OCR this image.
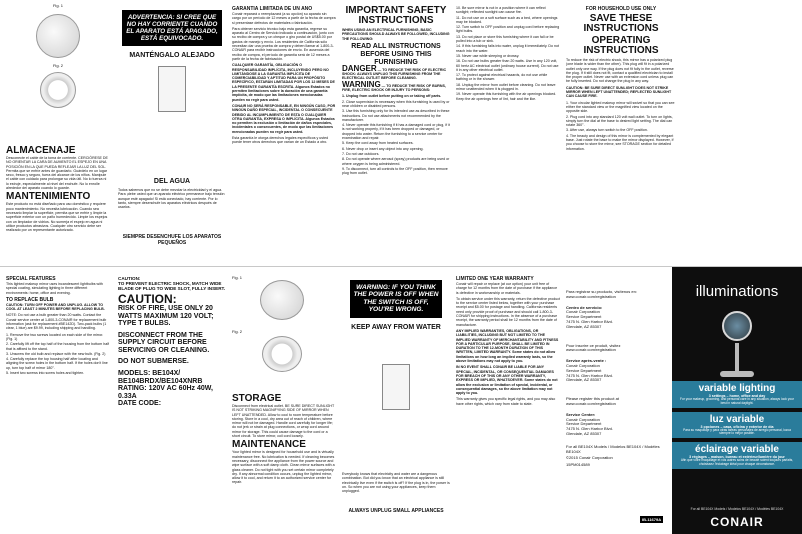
Fig. 1
Fig. 2
ALMACENAJE

Desconecte el cable de la toma de corriente. CERCIÓRESE DE NO ORIENTAR LA CARA DE AUMENTO EL ESPEJO EN UNA POSICIÓN EN LA QUE PUEDA REFLEJAR LA LUZ DEL SOL. Permita que se enfríe antes de guardarlo. Guárdelo en un lugar seco, fresco y seguro, fuera del alcance de los niños. Manipule el cable con cuidado para prolongar su vida útil. No lo tuerza ni lo estruje, especialmente al nivel del enchufe. No lo enrolle alrededor del aparato cuando lo guarde.

MANTENIMIENTO

Este producto no está diseñado para uso doméstico y requiere poco mantenimiento. No necesita lubricación. Cuando sea necesario limpiar la superficie, permita que se enfríe y limpie la superficie exterior con un paño humedecido. Limpie los espejos con un limpiador de vidrios. No sumerja el espejo en agua ni utilice productos abrasivos. Cualquier otro servicio debe ser realizado por un representante autorizado.

ADVERTENCIA: SI CREE QUE NO HAY CORRIENTE CUANDO EL APARATO ESTÁ APAGADO, ESTÁ EQUIVOCADO.
MANTÉNGALO ALEJADO
DEL AGUA

Todos sabemos que no se debe mezclar la electricidad y el agua. Para ¡debe usted que un aparato eléctrico permanece bajo tensión aunque esté apagado! Si está conectado, hay corriente. Por lo tanto, siempre desenchufe los aparatos eléctricos después de usarlos.

SIEMPRE DESENCHUFE LOS APARATOS PEQUEÑOS
GARANTÍA LIMITADA DE UN AÑO

Conair reparará o reemplazará (a su opción) su aparato sin cargo por un período de 12 meses a partir de la fecha de compra si presentase defectos de materiales o fabricación.

Para obtener servicio técnico bajo esta garantía, regrese su aparato al Centro de Servicio indicado a continuación, junto con su recibo de compra y un cheque o giro postal de US$5.00 por gastos de manejo y envío. Los residentes de California sólo necesitan dar una prueba de compra y deben llamar al 1-800-3-CONAIR para recibir instrucciones de envío. En ausencia del recibo de compra, el período de garantía será de 12 meses a partir de la fecha de fabricación.

CUALQUIER GARANTÍA, OBLIGACIÓN O RESPONSABILIDAD IMPLÍCITA, INCLUYENDO PERO NO LIMITÁNDOSE A LA GARANTÍA IMPLÍCITA DE COMERCIABILIDAD Y APTITUD PARA UN PROPÓSITO ESPECÍFICO, ESTARÁN LIMITADAS POR LOS 12 MESES DE LA PRESENTE GARANTÍA ESCRITA. Algunos Estados no permiten limitaciones sobre la duración de una garantía implícita, de modo que las limitaciones mencionadas pueden no regir para usted.

CONAIR NO SERÁ RESPONSABLE, EN NINGÚN CASO, POR NINGÚN DAÑO ESPECIAL, INCIDENTAL O CONSECUENTE DEBIDO AL INCUMPLIMIENTO DE ESTA O CUALQUIER OTRA GARANTÍA, EXPRESA O IMPLÍCITA. Algunos Estados no permiten la exclusión o limitación de daños especiales, incidentales o consecuentes, de modo que las limitaciones mencionadas pueden no regir para usted.

Esta garantía le otorga derechos legales específicos y usted puede tener otros derechos que varían de un Estado a otro.

IMPORTANT SAFETY INSTRUCTIONS

WHEN USING AN ELECTRICAL FURNISHING, BASIC PRECAUTIONS SHOULD ALWAYS BE FOLLOWED, INCLUDING THE FOLLOWING:

READ ALL INSTRUCTIONS BEFORE USING THIS FURNISHING

DANGER — TO REDUCE THE RISK OF ELECTRIC SHOCK: ALWAYS UNPLUG THIS FURNISHING FROM THE ELECTRICAL OUTLET BEFORE CLEANING.

WARNING — TO REDUCE THE RISK OF BURNS, FIRE, ELECTRIC SHOCK OR INJURY TO PERSONS:

1. Unplug from outlet before putting on or taking off parts.
2. Close supervision is necessary when this furnishing is used by or near children or disabled persons.
3. Use this furnishing only for its intended use as described in these instructions. Do not use attachments not recommended by the manufacturer.
4. Never operate this furnishing if it has a damaged cord or plug, if it is not working properly, if it has been dropped or damaged, or dropped into water. Return the furnishing to a service center for examination and repair.
5. Keep the cord away from heated surfaces.
6. Never drop or insert any object into any opening.
7. Do not use outdoors.
8. Do not operate where aerosol (spray) products are being used or where oxygen is being administered.
9. To disconnect, turn all controls to the OFF position, then remove plug from outlet.
10. Be sure mirror is not in a position where it can reflect sunlight; reflected sunlight can cause fire.
11. Do not use on a soft surface such as a bed, where openings may be blocked.
12. Turn switch to OFF position and unplug cord before replacing light bulbs.
13. Do not place or store this furnishing where it can fall or be pulled into a tub or sink.
14. If this furnishing falls into water, unplug it immediately. Do not reach into the water.
15. Never use while sleeping or drowsy.
16. Do not use bulbs greater than 20 watts. Use in any 120 volt, 60 hertz AC electrical outlet (ordinary house current). Do not use it in any other electrical outlet.
17. To protect against electrical hazards, do not use while bathing or in the shower.
18. Unplug the mirror from outlet before cleaning. Do not leave mirror unattended when it is plugged in.
19. Never operate this furnishing with the air openings blocked. Keep the air openings free of lint, hair and the like.
FOR HOUSEHOLD USE ONLY
SAVE THESE INSTRUCTIONS
OPERATING INSTRUCTIONS

To reduce the risk of electric shock, this mirror has a polarized plug (one blade is wider than the other). This plug will fit in a polarized outlet only one way. If the plug does not fit fully in the outlet, reverse the plug. If it still does not fit, contact a qualified electrician to install the proper outlet. Never use with an extension cord unless plug can be fully inserted. Do not change the plug in any way.

CAUTION: BE SURE DIRECT SUNLIGHT DOES NOT STRIKE MIRROR WHEN LEFT UNATTENDED; REFLECTED SUNLIGHT CAN CAUSE FIRE.

1. Your circular lighted makeup mirror will swivel so that you can see either the standard view or the magnified view located on the opposite side.
2. Plug cord into any standard 120 volt wall outlet. To turn on lights, simply turn the dial at the base to desired light setting. The dial can rotate 360°.
3. After use, always turn switch to the OFF position.
4. The beauty and design of this mirror is complemented by elegant base. Just rotate the base to make the mirror displayed. However, if you choose to store the mirror, see STORAGE section for detailed information.
SPECIAL FEATURES

This lighted makeup mirror uses incandescent lightbulbs with special coating, simulating lighting in three different environments: home, office and evening.

TO REPLACE BULB

CAUTION: TURN OFF POWER AND UNPLUG. ALLOW TO COOL AT LEAST 2 MINUTES BEFORE REPLACING BULB.

NOTE: Do not use a bulb greater than 20 watts. Contact the Conair service center at 1-800-3-CONAIR for replacement bulb information (ask for replacement #BE142D). Two-pack bulbs (1 clear, 1 blue) are $9.99, including shipping and handling.

1. Remove the two screws located on each side of the mirror. (Fig. 1)
2. Carefully lift off the top half of the housing from the bottom half that is affixed to the stand.
3. Unscrew the old bulb and replace with the new bulb. (Fig. 2)
4. Carefully replace the top housing half after locating and aligning the screw holes in the bottom half. If the holes don't line up, turn top half of mirror 180°.
5. Insert two screws into screw holes and tighten.
CAUTION:
TO PREVENT ELECTRIC SHOCK, MATCH WIDE BLADE OF PLUG TO WIDE SLOT, FULLY INSERT.
CAUTION:
RISK OF FIRE, USE ONLY 20 WATTS MAXIMUM 120 VOLT; TYPE T BULBS.
DISCONNECT FROM THE SUPPLY CIRCUIT BEFORE SERVICING OR CLEANING.
DO NOT SUBMERSE.
MODELS: BE104X/ BE104BRDX/BE104XNRB
RATING: 120V AC 60Hz 40W, 0.33A
DATE CODE:
Fig. 1
Fig. 2
STORAGE

Disconnect from electrical outlet. BE SURE DIRECT SUNLIGHT IS NOT STRIKING MAGNIFYING SIDE OF MIRROR WHEN LEFT UNATTENDED. Allow to cool to room temperature before storing. Store in a cool, dry area out of reach of children, where mirror will not be damaged. Handle cord carefully for longer life; do not jerk or strain at plug connections, or wrap cord around mirror for storage. This could cause damage to the cord or a short circuit. To store mirror, coil cord loosely.

MAINTENANCE

Your lighted mirror is designed for household use and is virtually maintenance free. No lubrication is needed. If cleaning becomes necessary, disconnect the appliance from the power source and wipe surface with a soft damp cloth. Clean mirror surfaces with a glass cleaner. Do not tight with you set certain mirror completely dry. If any abnormal condition occurs, unplug the lighted mirror, allow it to cool, and return it to an authorized service center for repair.

WARNING: IF YOU THINK THE POWER IS OFF WHEN THE SWITCH IS OFF, YOU'RE WRONG.
KEEP AWAY FROM WATER

Everybody knows that electricity and water are a dangerous combination. But did you know that an electrical appliance is still electrically live even if the switch is off? If the plug is in, the power is on. So when you are not using your appliances, keep them unplugged.

ALWAYS UNPLUG SMALL APPLIANCES
LIMITED ONE YEAR WARRANTY

Conair will repair or replace (at our option) your unit free of charge for 12 months from the date of purchase if the appliance is defective in workmanship or materials.

To obtain service under this warranty, return the defective product to the service center listed below, together with your purchase receipt and $5.00 for postage and handling. California residents need only provide proof of purchase and should call 1-800-3-CONAIR for shipping instructions. In the absence of a purchase receipt, the warranty period shall be 12 months from the date of manufacture.

ANY IMPLIED WARRANTIES, OBLIGATIONS, OR LIABILITIES, INCLUDING BUT NOT LIMITED TO THE IMPLIED WARRANTY OF MERCHANTABILITY AND FITNESS FOR A PARTICULAR PURPOSE, SHALL BE LIMITED IN DURATION TO THE 12-MONTH DURATION OF THIS WRITTEN, LIMITED WARRANTY. Some states do not allow limitations on how long an implied warranty lasts, so the above limitations may not apply to you.

IN NO EVENT SHALL CONAIR BE LIABLE FOR ANY SPECIAL, INCIDENTAL, OR CONSEQUENTIAL DAMAGES FOR BREACH OF THIS OR ANY OTHER WARRANTY, EXPRESS OR IMPLIED, WHATSOEVER. Some states do not allow the exclusion or limitation of special, incidental, or consequential damages, so the above limitation may not apply to you.

This warranty gives you specific legal rights, and you may also have other rights, which vary from state to state.

Para registrar su producto, visítenos en: www.conair.com/registration

Centro de servicio:
Conair Corporation
Service Department
7475 N. Glen Harbor Blvd.
Glendale, AZ 85307

Pour inscrire ce produit, visitez www.conair.com/registration

Service après-vente :
Conair Corporation
Service Department
7475 N. Glen Harbor Blvd.
Glendale, AZ 85307

Please register this product at www.conair.com/registration

Service Center:
Conair Corporation
Service Department
7475 N. Glen Harbor Blvd.
Glendale, AZ 85307

For all BE104X Models / Modelos BE104X / Modèles BE104X

©2015 Conair Corporation

15PM014589

IB-11679A
illuminations
variable lighting
3 settings – home, office and day
For your makeup, grooming, and personal care in any situation, always look your best in natural daylight.
luz variable
3 opciones – casa, oficina y exterior de día
Para su maquillaje y para otras tareas personales de arreglo personal, luzca siempre lo mejor posible.
éclairage variable
3 réglages – maison, bureau et extérieur/lumière du jour
Afin que votre maquillage et vos autres soins de beauté soient toujours parfaits, choisissez l'éclairage idéal pour chaque circonstance.
For all BE104X Models / Modelos BE104X / Modèles BE104X
CONAIR
